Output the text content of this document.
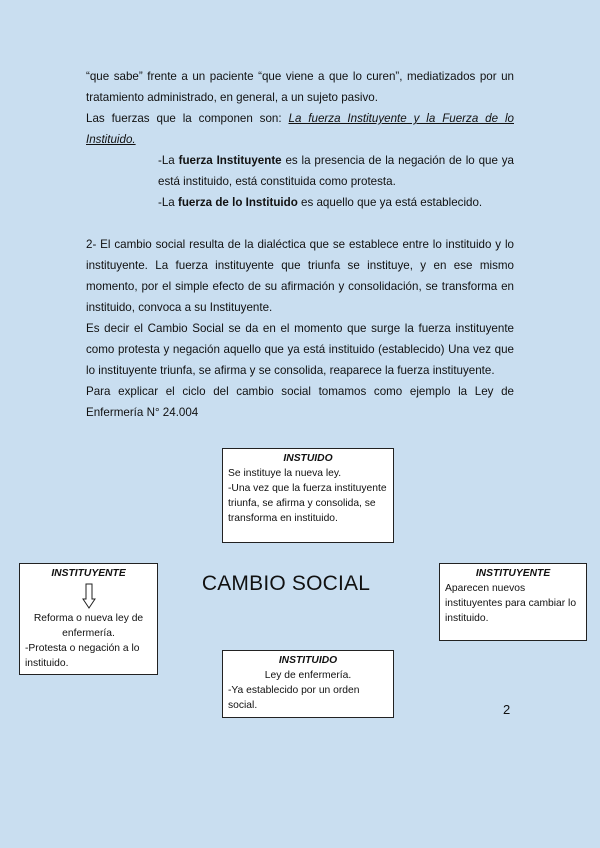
“que sabe” frente a un paciente “que viene a que lo curen”, mediatizados por un tratamiento administrado, en general, a un sujeto pasivo.

Las fuerzas que la componen son: La fuerza Instituyente y la Fuerza de lo Instituido.

-La fuerza Instituyente es la presencia de la negación de lo que ya está instituido, está constituida como protesta.

-La fuerza de lo Instituido es aquello que ya está establecido.

2- El cambio social resulta de la dialéctica que se establece entre lo instituido y lo instituyente. La fuerza instituyente que triunfa se instituye, y en ese mismo momento, por el simple efecto de su afirmación y consolidación, se transforma en instituido, convoca a su Instituyente.

Es decir el Cambio Social se da en el momento que surge la fuerza instituyente como protesta y negación aquello que ya está instituido (establecido) Una vez que lo instituyente triunfa, se afirma y se consolida, reaparece la fuerza instituyente.

Para explicar el ciclo del cambio social tomamos como ejemplo la Ley de Enfermería N° 24.004

INSTUIDO

Se instituye la nueva ley.

-Una vez que la fuerza instituyente triunfa, se afirma y consolida, se transforma en instituido.

INSTITUYENTE

Reforma o nueva ley de enfermería.

-Protesta o negación a lo instituido.

CAMBIO SOCIAL	INSTITUYENTE

Aparecen nuevos instituyentes para cambiar lo instituido.

INSTITUIDO

Ley de enfermería.

-Ya establecido por un orden social.	2
